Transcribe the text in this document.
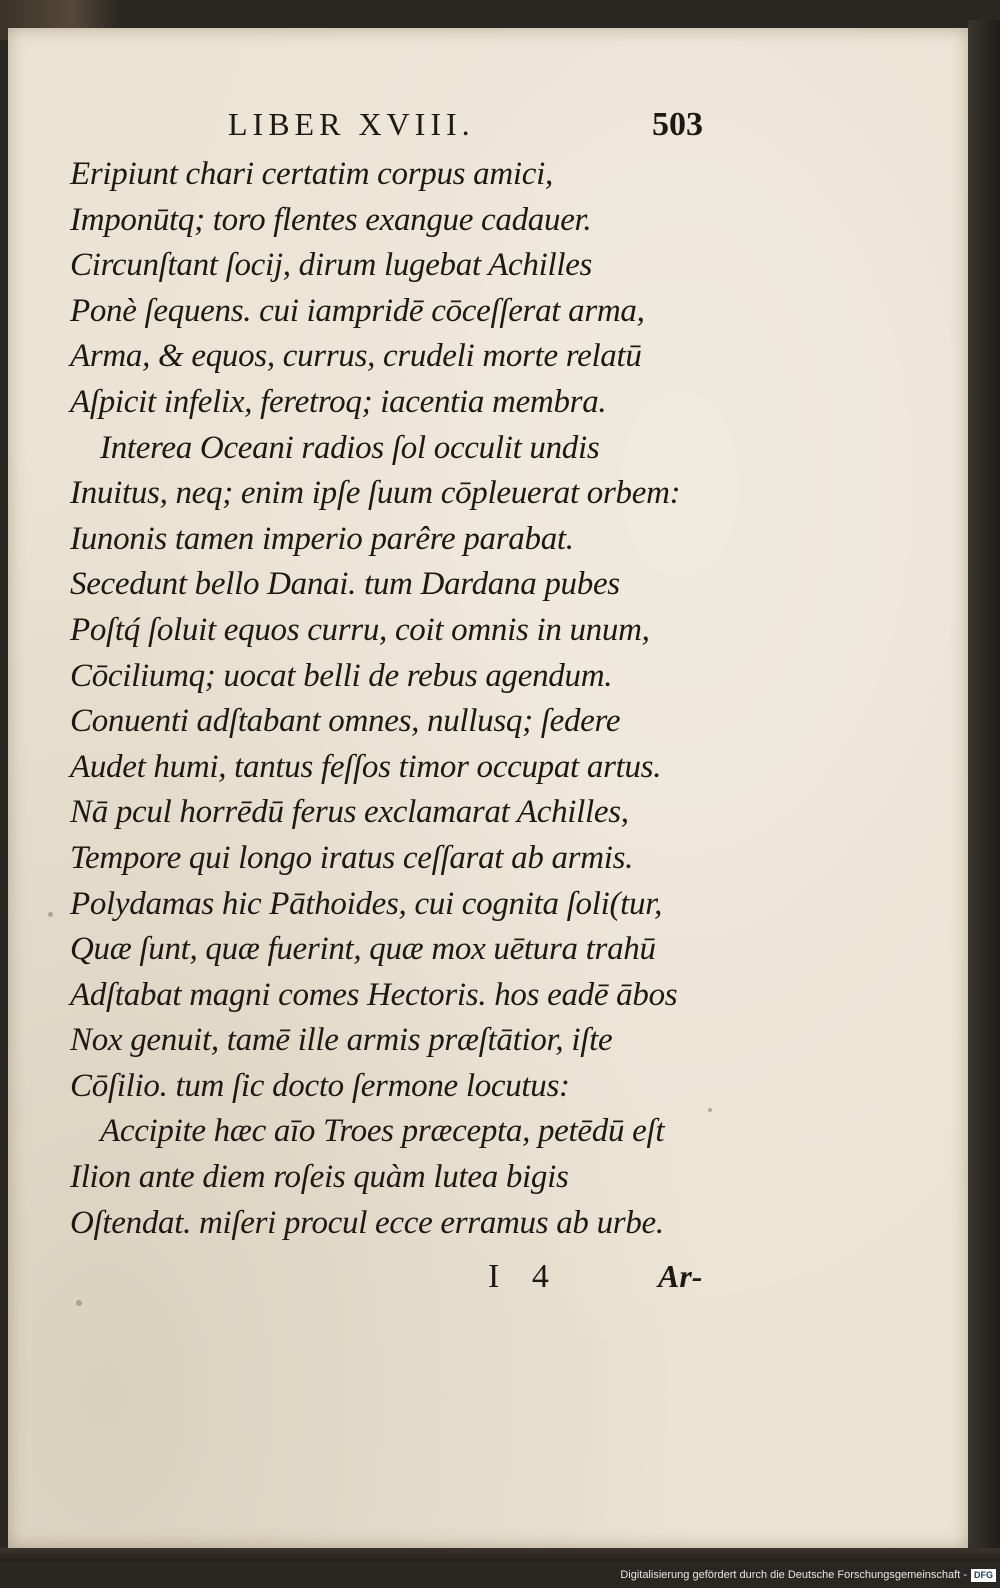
LIBER XVIII.	503
Eripiunt chari certatim corpus amici,
Imponūtq; toro flentes exangue cadauer.
Circunſtant ſocij, dirum lugebat Achilles
Ponè ſequens. cui iampridē cōceſſerat arma,
Arma, & equos, currus, crudeli morte relatū
Aſpicit infelix, feretroq; iacentia membra.
Interea Oceani radios ſol occulit undis
Inuitus, neq; enim ipſe ſuum cōpleuerat orbem:
Iunonis tamen imperio parêre parabat.
Secedunt bello Danai. tum Dardana pubes
Poſtq́ ſoluit equos curru, coit omnis in unum,
Cōciliumq; uocat belli de rebus agendum.
Conuenti adſtabant omnes, nullusq; ſedere
Audet humi, tantus feſſos timor occupat artus.
Nā pcul horrēdū ferus exclamarat Achilles,
Tempore qui longo iratus ceſſarat ab armis.
Polydamas hic Pāthoides, cui cognita ſoli(tur,
Quæ ſunt, quæ fuerint, quæ mox uētura trahū
Adſtabat magni comes Hectoris. hos eadē ābos
Nox genuit, tamē ille armis præſtātior, iſte
Cōſilio. tum ſic docto ſermone locutus:
Accipite hæc aīo Troes præcepta, petēdū eſt
Ilion ante diem roſeis quàm lutea bigis
Oſtendat. miſeri procul ecce erramus ab urbe.
I 4	Ar-
Digitalisierung gefördert durch die Deutsche Forschungsgemeinschaft - DFG
